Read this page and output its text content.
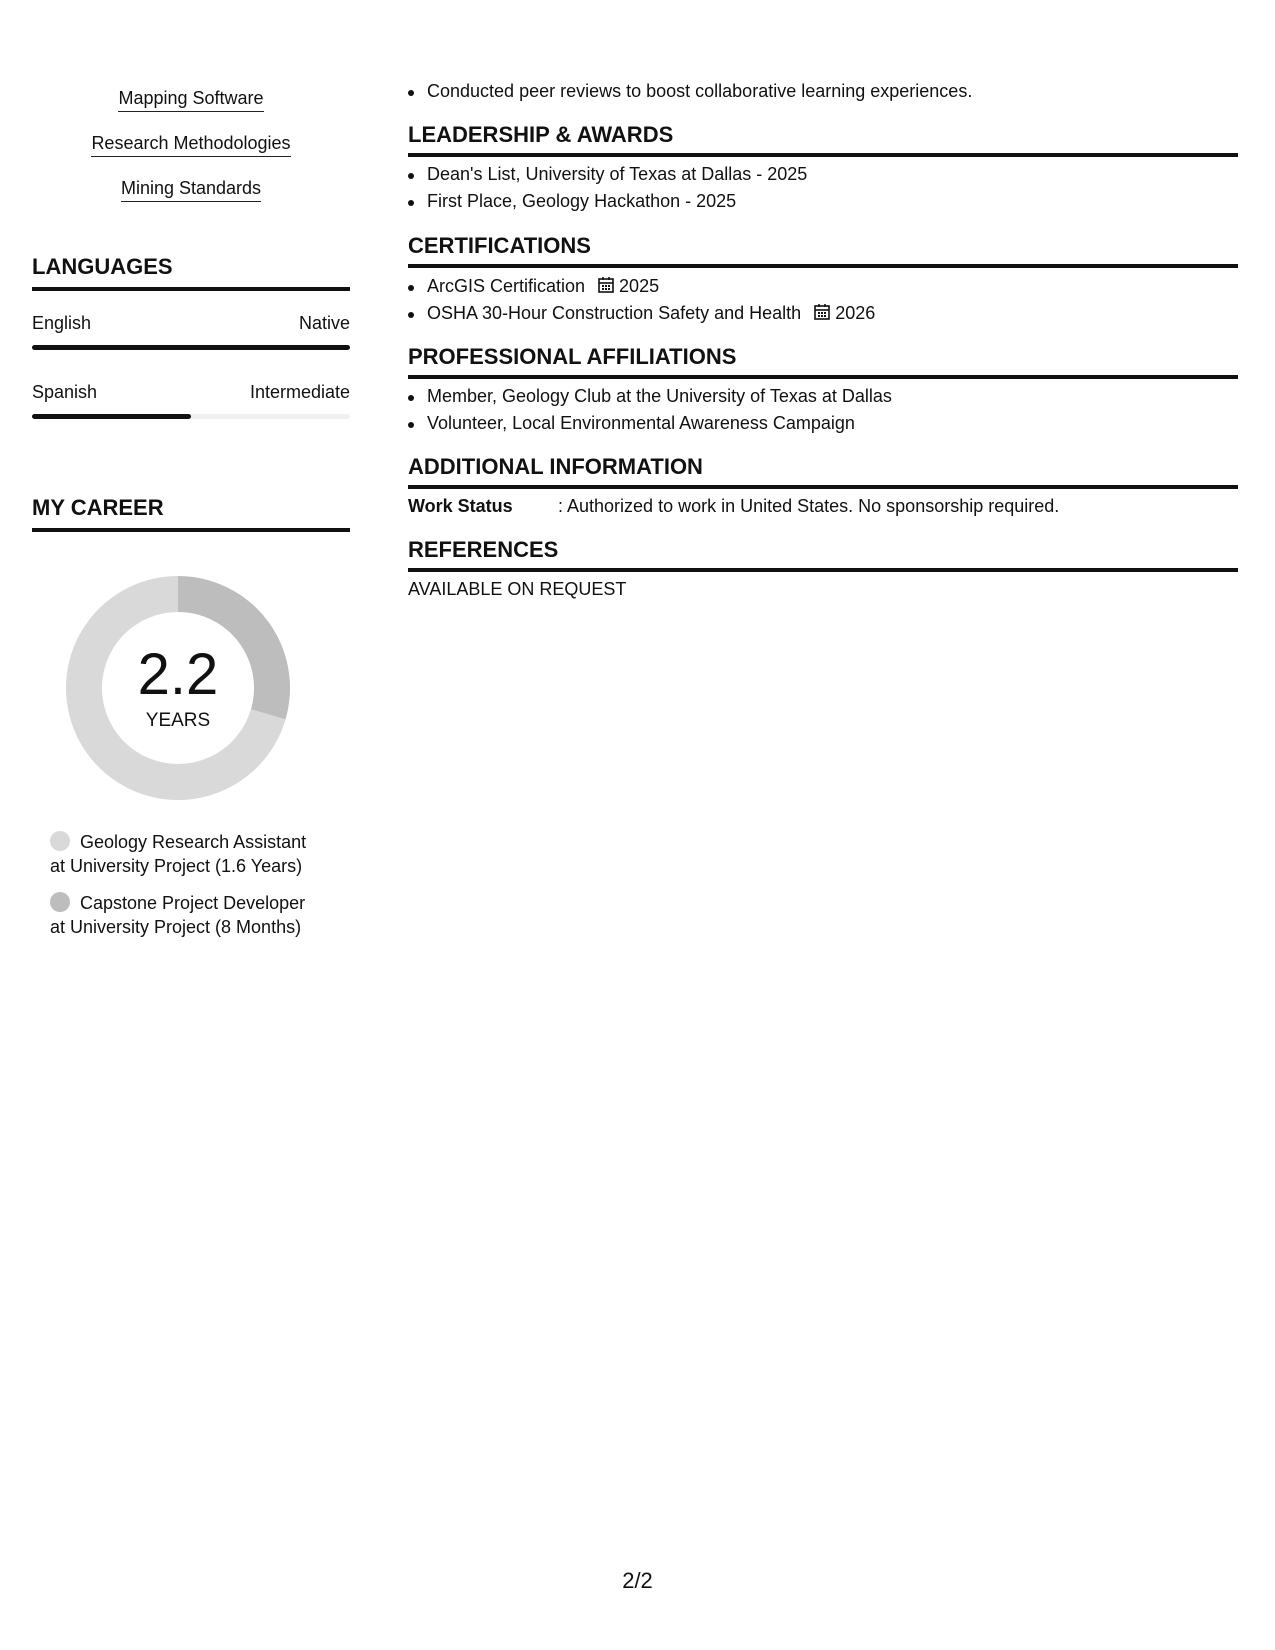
Mapping Software
Research Methodologies
Mining Standards
LANGUAGES
English	Native
Spanish	Intermediate
MY CAREER
2.2
YEARS
Geology Research Assistant
at University Project (1.6 Years)
Capstone Project Developer
at University Project (8 Months)
Conducted peer reviews to boost collaborative learning experiences.
LEADERSHIP & AWARDS
Dean's List, University of Texas at Dallas - 2025
First Place, Geology Hackathon - 2025
CERTIFICATIONS
ArcGIS Certification 2025
OSHA 30-Hour Construction Safety and Health 2026
PROFESSIONAL AFFILIATIONS
Member, Geology Club at the University of Texas at Dallas
Volunteer, Local Environmental Awareness Campaign
ADDITIONAL INFORMATION
Work Status	: Authorized to work in United States. No sponsorship required.
REFERENCES
AVAILABLE ON REQUEST
2/2
